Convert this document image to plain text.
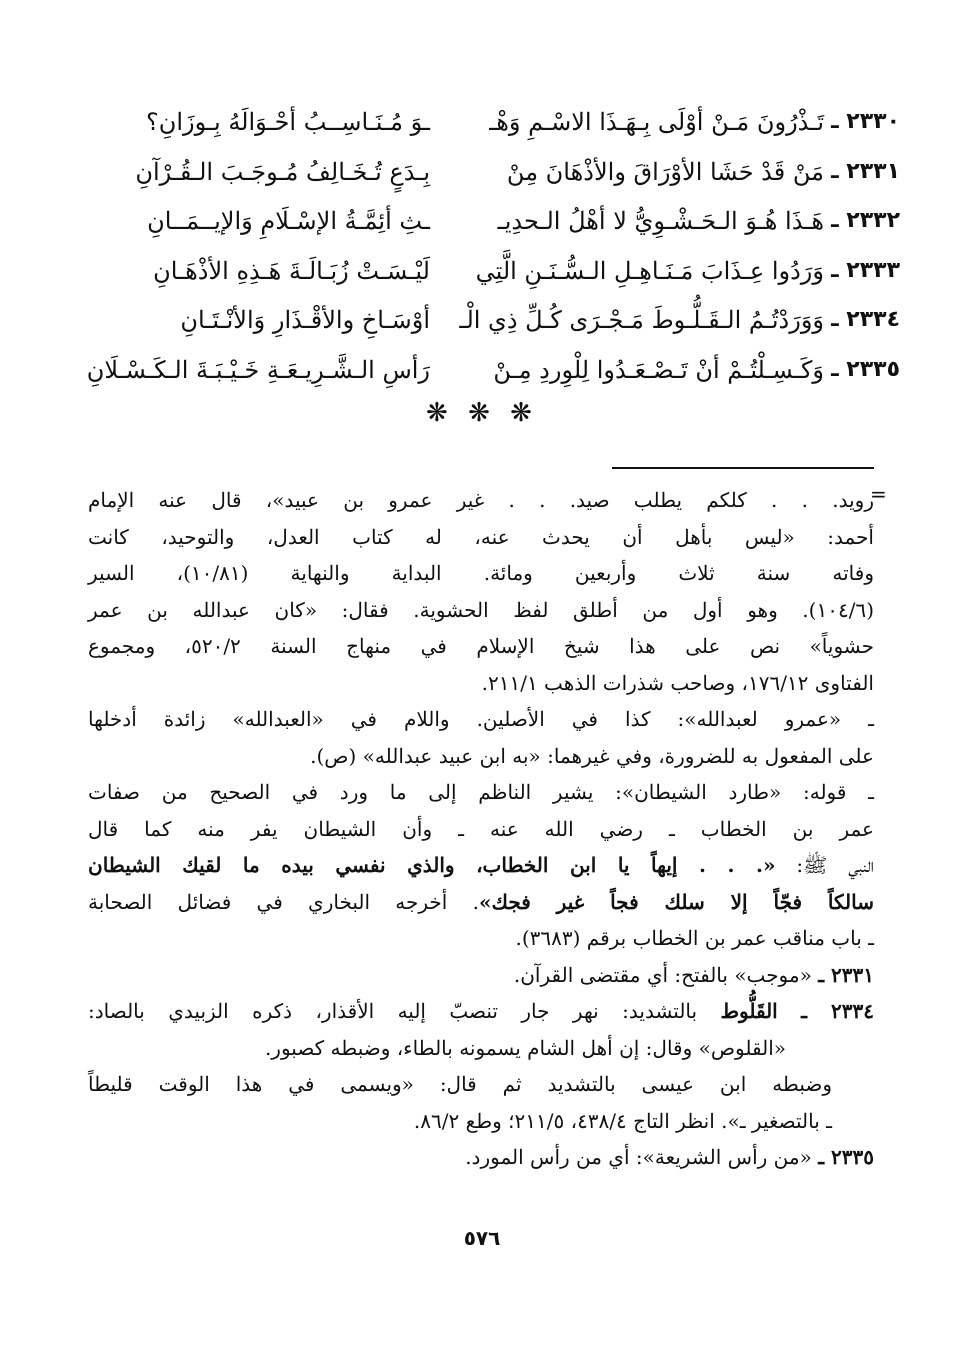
٢٣٣٠ ـ
تَـذْرُونَ مَـنْ أوْلَى بِـهَـذَا الاسْـمِ وَهْـ
ـوَ مُـنَـاسِــبُ أحْـوَالَهُ بِـوزَانِ؟
٢٣٣١ ـ
مَنْ قَدْ حَشَا الأوْرَاقَ والأذْهَانَ مِنْ
بِـدَعٍ تُـخَـالِفُ مُـوجَـبَ الـقُـرْآنِ
٢٣٣٢ ـ
هَـذَا هُـوَ الـحَـشْـوِيُّ لا أهْلُ الـحدِيـ
ـثِ أئِمَّـةُ الإسْـلَامِ وَالإيــمَــانِ
٢٣٣٣ ـ
وَرَدُوا عِـذَابَ مَـنَـاهِـلِ الـسُّـنَـنِ الَّتِي
لَيْـسَـتْ زُبَـالَـةَ هَـذِهِ الأذْهَـانِ
٢٣٣٤ ـ
وَوَرَدْتُـمُ الـقَـلُّـوطَ مَـجْـرَى كُـلِّ ذِي الْـ
أوْسَـاخِ والأقْـذَارِ وَالأنْـتَـانِ
٢٣٣٥ ـ
وَكَـسِـلْتُـمْ أنْ تَـصْـعَـدُوا لِلْوِردِ مِـنْ
رَأسِ الـشَّـرِيـعَـةِ خَـيْـبَـةَ الـكَـسْـلَانِ
❋ ❋ ❋
=
روید. . . كلكم يطلب صيد. . . غير عمرو بن عبيد»، قال عنه الإمام
أحمد: «ليس بأهل أن يحدث عنه، له كتاب العدل، والتوحيد، كانت
وفاته سنة ثلاث وأربعين ومائة. البداية والنهاية (١٠/٨١)، السير
(١٠٤/٦). وهو أول من أطلق لفظ الحشوية. فقال: «كان عبدالله بن عمر
حشوياً» نص على هذا شيخ الإسلام في منهاج السنة ٥٢٠/٢، ومجموع
الفتاوى ١٧٦/١٢، وصاحب شذرات الذهب ٢١١/١.
ـ «عمرو لعبدالله»: كذا في الأصلين. واللام في «العبدالله» زائدة أدخلها
على المفعول به للضرورة، وفي غيرهما: «به ابن عبيد عبدالله» (ص).
ـ قوله: «طارد الشيطان»: يشير الناظم إلى ما ورد في الصحيح من صفات
عمر بن الخطاب ـ رضي الله عنه ـ وأن الشيطان يفر منه كما قال
النبي ﷺ: «. . . إيهاً يا ابن الخطاب، والذي نفسي بيده ما لقيك الشيطان
سالكاً فجّاً إلا سلك فجاً غير فجك». أخرجه البخاري في فضائل الصحابة
ـ باب مناقب عمر بن الخطاب برقم (٣٦٨٣).
٢٣٣١ ـ «موجب» بالفتح: أي مقتضى القرآن.
٢٣٣٤ ـ القَلُّوط بالتشديد: نهر جار تنصبّ إليه الأقذار، ذكره الزبيدي بالصاد:
«القلوص» وقال: إن أهل الشام يسمونه بالطاء، وضبطه كصبور.
وضبطه ابن عيسى بالتشديد ثم قال: «ويسمى في هذا الوقت قليطاً
ـ بالتصغير ـ». انظر التاج ٤٣٨/٤، ٢١١/٥؛ وطع ٨٦/٢.
٢٣٣٥ ـ «من رأس الشريعة»: أي من رأس المورد.
٥٧٦
